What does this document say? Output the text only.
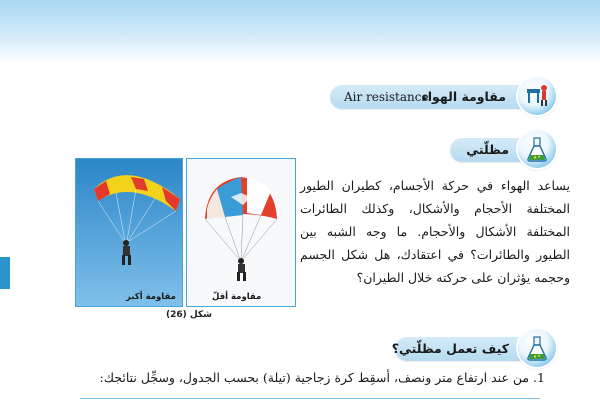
مقاومة الهواء
Air resistance
مظلّتي
مقاومة أكبر	مقاومة أقلّ
شكل (26)
يساعد الهواء في حركة الأجسام، كطيران الطيور المختلفة الأحجام والأشكال، وكذلك الطائرات المختلفة الأشكال والأحجام. ما وجه الشبه بين الطيور والطائرات؟ في اعتقادك، هل شكل الجسم وحجمه يؤثران على حركته خلال الطيران؟
كيف تعمل مظلّتي؟
1. من عند ارتفاع متر ونصف، أسقِط كرة زجاجية (تيلة) بحسب الجدول، وسجِّل نتائجك:
